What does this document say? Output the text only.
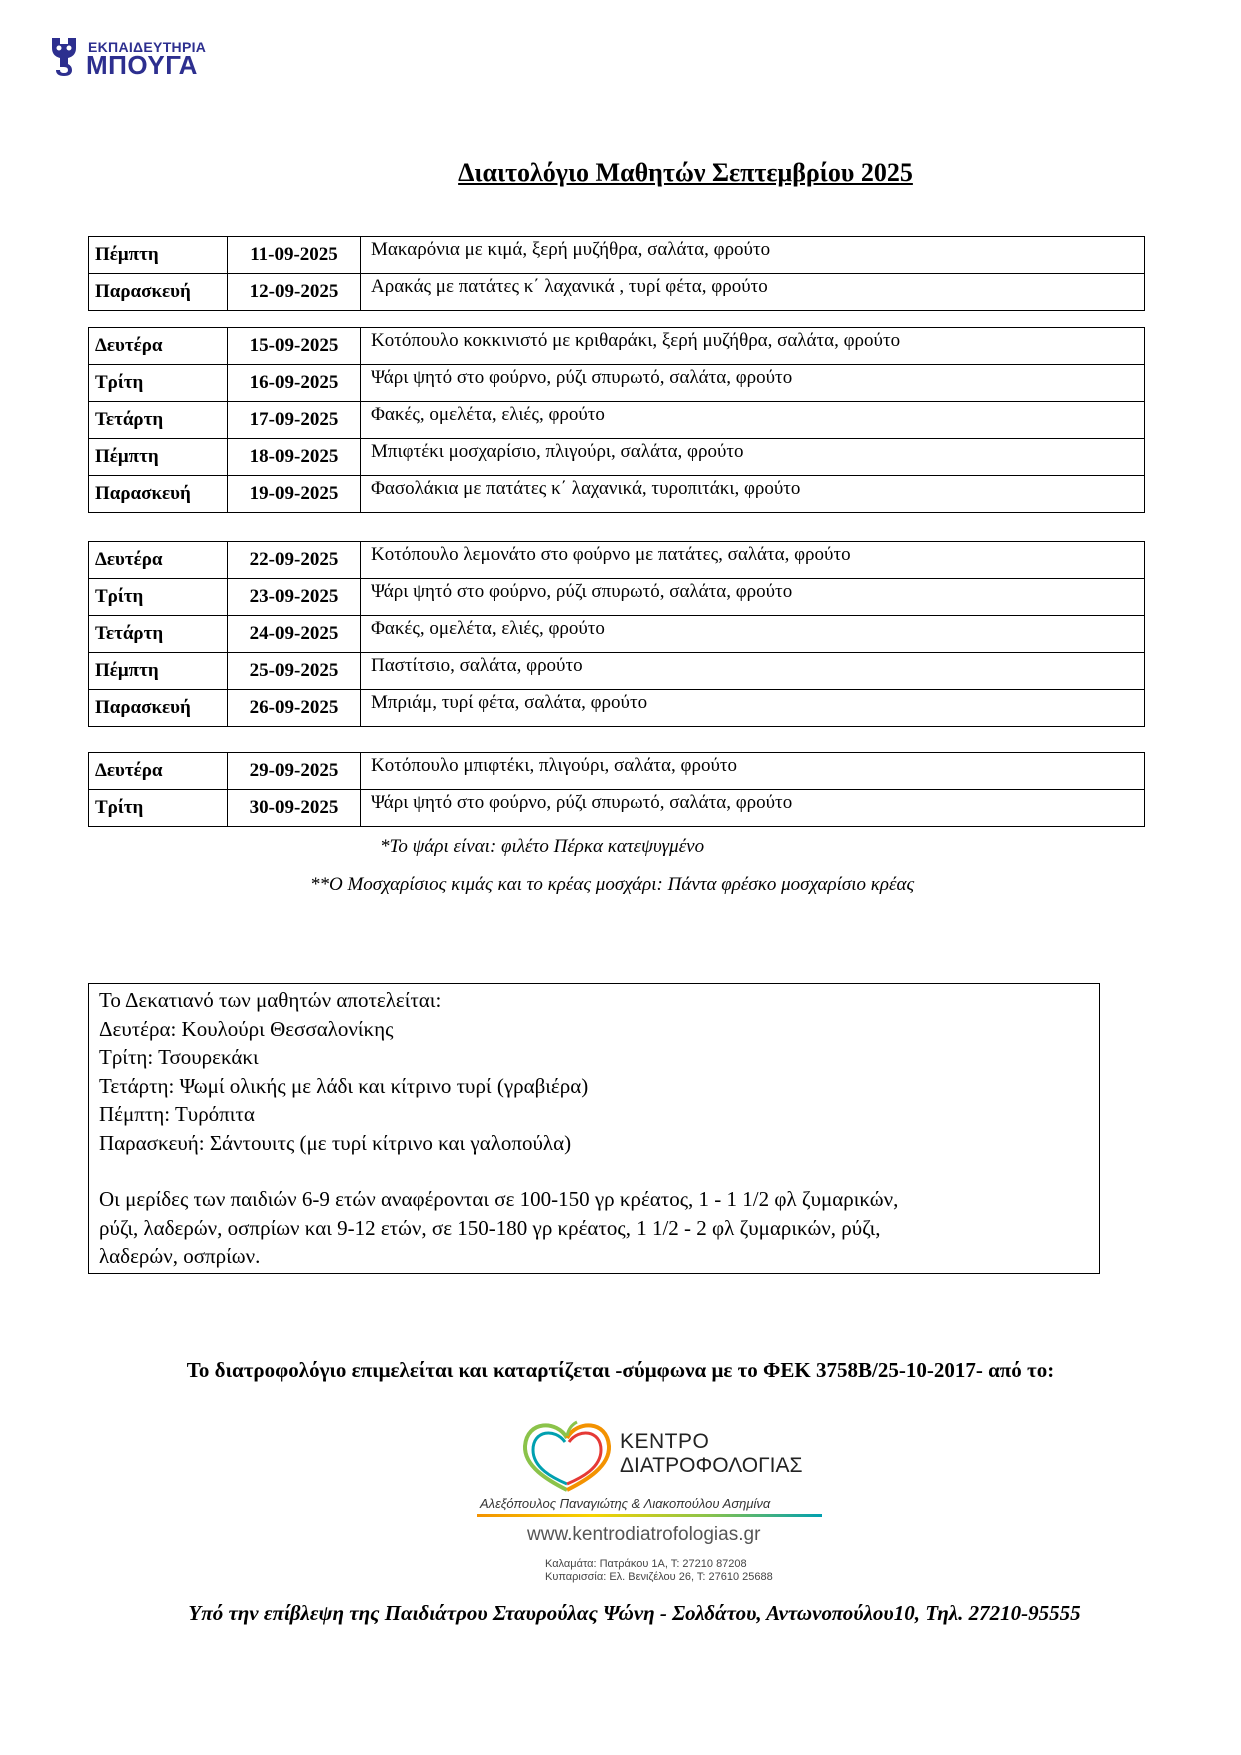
ΕΚΠΑΙΔΕΥΤΗΡΙΑ
ΜΠΟΥΓΑ
Διαιτολόγιο Μαθητών Σεπτεμβρίου 2025
Πέμπτη	11-09-2025	Μακαρόνια με κιμά, ξερή μυζήθρα, σαλάτα, φρούτο
Παρασκευή	12-09-2025	Αρακάς με πατάτες κ΄ λαχανικά , τυρί φέτα, φρούτο
Δευτέρα	15-09-2025	Κοτόπουλο κοκκινιστό με κριθαράκι, ξερή μυζήθρα, σαλάτα, φρούτο
Τρίτη	16-09-2025	Ψάρι ψητό στο φούρνο, ρύζι σπυρωτό, σαλάτα, φρούτο
Τετάρτη	17-09-2025	Φακές, ομελέτα, ελιές, φρούτο
Πέμπτη	18-09-2025	Μπιφτέκι μοσχαρίσιο, πλιγούρι, σαλάτα, φρούτο
Παρασκευή	19-09-2025	Φασολάκια με πατάτες κ΄ λαχανικά, τυροπιτάκι, φρούτο
Δευτέρα	22-09-2025	Κοτόπουλο λεμονάτο στο φούρνο με πατάτες, σαλάτα, φρούτο
Τρίτη	23-09-2025	Ψάρι ψητό στο φούρνο, ρύζι σπυρωτό, σαλάτα, φρούτο
Τετάρτη	24-09-2025	Φακές, ομελέτα, ελιές, φρούτο
Πέμπτη	25-09-2025	Παστίτσιο, σαλάτα, φρούτο
Παρασκευή	26-09-2025	Μπριάμ, τυρί φέτα, σαλάτα, φρούτο
Δευτέρα	29-09-2025	Κοτόπουλο μπιφτέκι, πλιγούρι, σαλάτα, φρούτο
Τρίτη	30-09-2025	Ψάρι ψητό στο φούρνο, ρύζι σπυρωτό, σαλάτα, φρούτο
*Το ψάρι είναι: φιλέτο Πέρκα κατεψυγμένο
**Ο Μοσχαρίσιος κιμάς και το κρέας μοσχάρι: Πάντα φρέσκο μοσχαρίσιο κρέας
Το Δεκατιανό των μαθητών αποτελείται:
Δευτέρα: Κουλούρι Θεσσαλονίκης
Τρίτη: Τσουρεκάκι
Τετάρτη: Ψωμί ολικής με λάδι και κίτρινο τυρί (γραβιέρα)
Πέμπτη: Τυρόπιτα
Παρασκευή: Σάντουιτς (με τυρί κίτρινο και γαλοπούλα)
Οι μερίδες των παιδιών 6-9 ετών αναφέρονται σε 100-150 γρ κρέατος, 1 - 1 1/2 φλ ζυμαρικών,
ρύζι, λαδερών, οσπρίων και 9-12 ετών, σε 150-180 γρ κρέατος, 1 1/2 - 2 φλ ζυμαρικών, ρύζι,
λαδερών, οσπρίων.
Το διατροφολόγιο επιμελείται και καταρτίζεται -σύμφωνα με το ΦΕΚ 3758Β/25-10-2017- από το:
ΚΕΝΤΡΟ
ΔΙΑΤΡΟΦΟΛΟΓΙΑΣ
Αλεξόπουλος Παναγιώτης & Λιακοπούλου Ασημίνα
www.kentrodiatrofologias.gr
Καλαμάτα: Πατράκου 1Α, Τ: 27210 87208
Κυπαρισσία: Ελ. Βενιζέλου 26, Τ: 27610 25688
Υπό την επίβλεψη της Παιδιάτρου Σταυρούλας Ψώνη - Σολδάτου, Αντωνοπούλου10, Τηλ. 27210-95555
